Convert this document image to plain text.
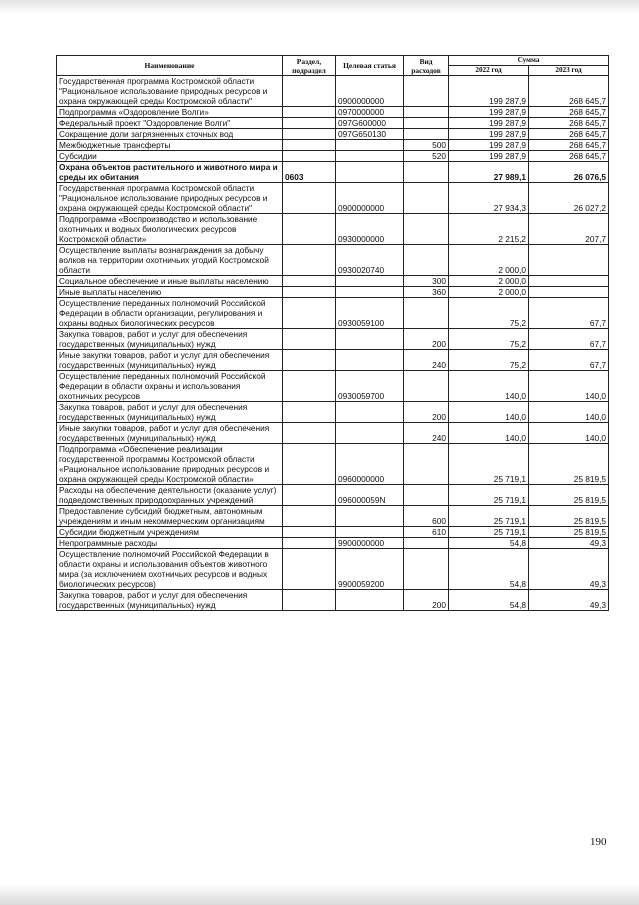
Наименование	Раздел, подраздел	Целевая статья	Вид расходов	Сумма	
				2022 год	2023 год
Государственная программа Костромской области "Рациональное использование природных ресурсов и охрана окружающей среды Костромской области"		0900000000		199 287,9	268 645,7
Подпрограмма «Оздоровление Волги»		0970000000		199 287,9	268 645,7
Федеральный проект "Оздоровление Волги"		097G600000		199 287,9	268 645,7
Сокращение доли загрязненных сточных вод		097G650130		199 287,9	268 645,7
Межбюджетные трансферты			500	199 287,9	268 645,7
Субсидии			520	199 287,9	268 645,7
Охрана объектов растительного и животного мира и среды их обитания	0603			27 989,1	26 076,5
Государственная программа Костромской области "Рациональное использование природных ресурсов и охрана окружающей среды Костромской области"		0900000000		27 934,3	26 027,2
Подпрограмма «Воспроизводство и использование охотничьих и водных биологических ресурсов Костромской области»		0930000000		2 215,2	207,7
Осуществление выплаты вознаграждения за добычу волков на территории охотничьих угодий Костромской области		0930020740		2 000,0	
Социальное обеспечение и иные выплаты населению			300	2 000,0	
Иные выплаты населению			360	2 000,0	
Осуществление переданных полномочий Российской Федерации в области организации, регулирования и охраны водных биологических ресурсов		0930059100		75,2	67,7
Закупка товаров, работ и услуг для обеспечения государственных (муниципальных) нужд			200	75,2	67,7
Иные закупки товаров, работ и услуг для обеспечения государственных (муниципальных) нужд			240	75,2	67,7
Осуществление переданных полномочий Российской Федерации в области охраны и использования охотничьих ресурсов		0930059700		140,0	140,0
Закупка товаров, работ и услуг для обеспечения государственных (муниципальных) нужд			200	140,0	140,0
Иные закупки товаров, работ и услуг для обеспечения государственных (муниципальных) нужд			240	140,0	140,0
Подпрограмма «Обеспечение реализации государственной программы Костромской области «Рациональное использование природных ресурсов и охрана окружающей среды Костромской области»		0960000000		25 719,1	25 819,5
Расходы на обеспечение деятельности (оказание услуг) подведомственных природоохранных учреждений		096000059N		25 719,1	25 819,5
Предоставление субсидий бюджетным, автономным учреждениям и иным некоммерческим организациям			600	25 719,1	25 819,5
Субсидии бюджетным учреждениям			610	25 719,1	25 819,5
Непрограммные расходы		9900000000		54,8	49,3
Осуществление полномочий Российской Федерации в области охраны и использования объектов животного мира (за исключением охотничьих ресурсов и водных биологических ресурсов)		9900059200		54,8	49,3
Закупка товаров, работ и услуг для обеспечения государственных (муниципальных) нужд			200	54,8	49,3
190
